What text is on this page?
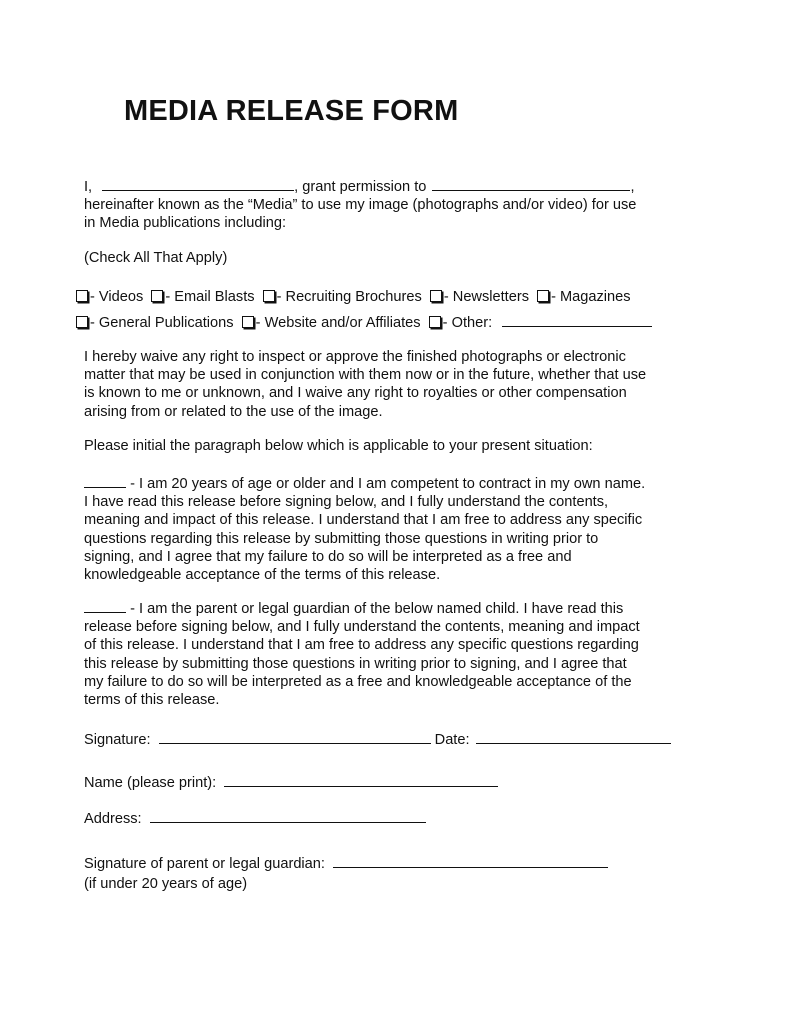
MEDIA RELEASE FORM
I,	, grant permission to	,
hereinafter known as the “Media” to use my image (photographs and/or video) for use
in Media publications including:
(Check All That Apply)
- Videos - Email Blasts - Recruiting Brochures - Newsletters - Magazines
- General Publications - Website and/or Affiliates - Other:
I hereby waive any right to inspect or approve the finished photographs or electronic
matter that may be used in conjunction with them now or in the future, whether that use
is known to me or unknown, and I waive any right to royalties or other compensation
arising from or related to the use of the image.
Please initial the paragraph below which is applicable to your present situation:
- I am 20 years of age or older and I am competent to contract in my own name.
I have read this release before signing below, and I fully understand the contents,
meaning and impact of this release. I understand that I am free to address any specific
questions regarding this release by submitting those questions in writing prior to
signing, and I agree that my failure to do so will be interpreted as a free and
knowledgeable acceptance of the terms of this release.
- I am the parent or legal guardian of the below named child. I have read this
release before signing below, and I fully understand the contents, meaning and impact
of this release. I understand that I am free to address any specific questions regarding
this release by submitting those questions in writing prior to signing, and I agree that
my failure to do so will be interpreted as a free and knowledgeable acceptance of the
terms of this release.
Signature:	Date:
Name (please print):
Address:
Signature of parent or legal guardian:
(if under 20 years of age)
